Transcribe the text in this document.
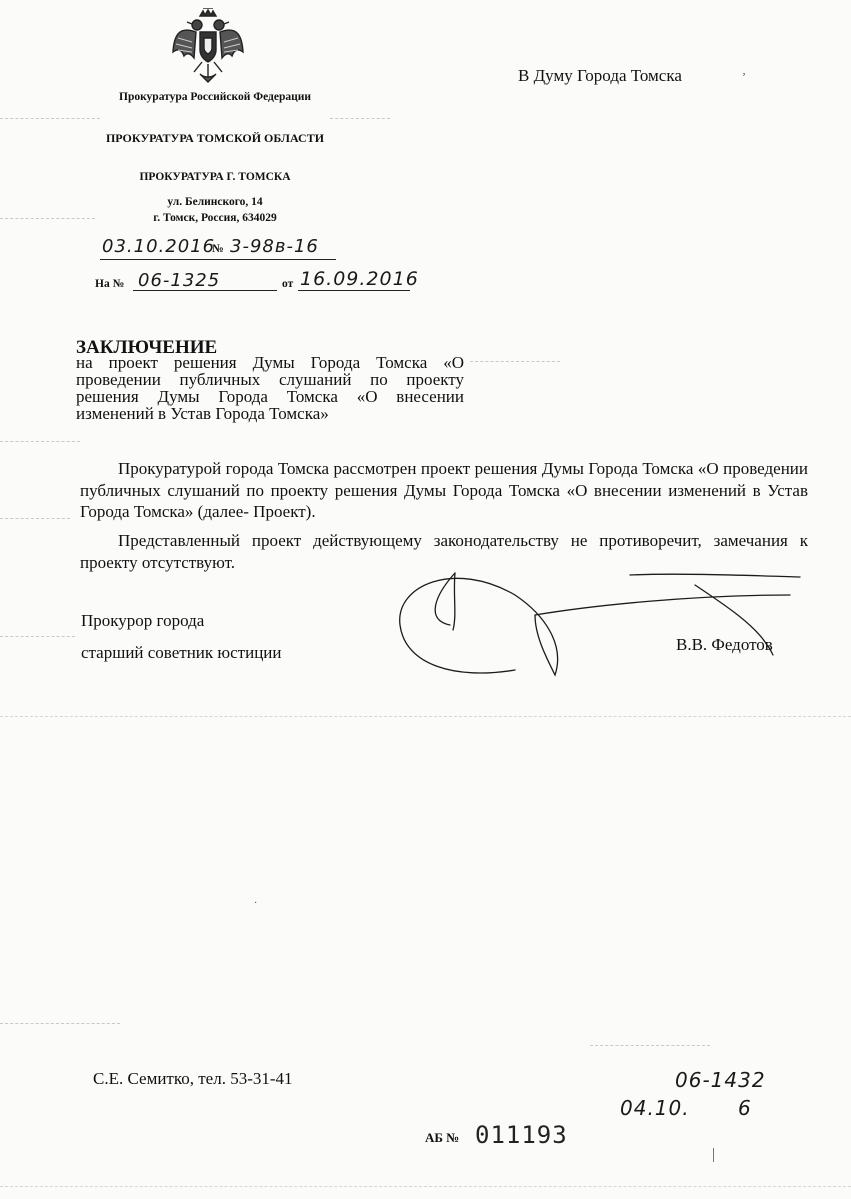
Прокуратура Российской Федерации
ПРОКУРАТУРА ТОМСКОЙ ОБЛАСТИ
ПРОКУРАТУРА Г. ТОМСКА
ул. Белинского, 14
г. Томск, Россия, 634029
В Думу Города Томска	ʼ
03.10.2016
№ 3-98в-16
На № 06-1325	от 16.09.2016
ЗАКЛЮЧЕНИЕ
на проект решения Думы Города Томска «О проведении публичных слушаний по проекту решения Думы Города Томска «О внесении изменений в Устав Города Томска»

Прокуратурой города Томска рассмотрен проект решения Думы Города Томска «О проведении публичных слушаний по проекту решения Думы Города Томска «О внесении изменений в Устав Города Томска» (далее- Проект).

Представленный проект действующему законодательству не противоречит, замечания к проекту отсутствуют.

Прокурор города
старший советник юстиции	В.В. Федотов
·
С.Е. Семитко, тел. 53-31-41	06-1432
04.10. 6
АБ № 011193
